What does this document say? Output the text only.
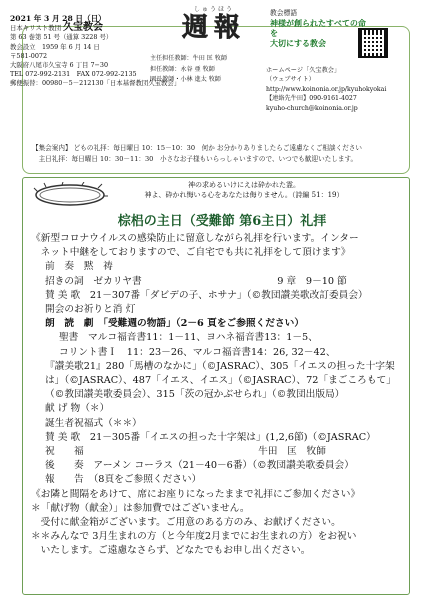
2021 年 3 月 28 日（日）
日本キリスト教団 久宝教会
第 63 巻第 51 号（通算 3228 号）
教会設立　1959 年 6 月 14 日
〒581-0072
大阪府八尾市久宝寺 6 丁目 7−30
TEL 072-992-2131　FAX 072-992-2135
郵便振替：00980－5－212130「日本基督教団久宝教会」
しゅうほう
週報
主任担任教師：牛田 匡 牧師
担任教師：永谷 亜 牧師
園長教師・小林 進太 牧師
教会標語
神様が創られたすべての命を
大切にする教会
ホームページ「久宝教会」
（ウェブサイト）
http://www.koinonia.or.jp/kyuhokyokai
【連絡先牛田】090-9161-4027
kyuho-church@koinonia.or.jp
【集会案内】 どもの礼拝：毎日曜日 10：15－10：30　何か お分かりありましたらご遠慮なくご相談ください
　主日礼拝：毎日曜日 10：30－11：30　小さなお子様もいらっしゃいますので、いつでも歓迎いたします。
神の求めるいけにえは砕かれた霊。
神よ、砕かれ悔いる心をあなたは侮りません。（詩編 51：19）
棕梠の主日（受難節 第6主日）礼拝
《新型コロナウイルスの感染防止に留意しながら礼拝を行います。インター
　ネット中継をしておりますので、ご自宅でも共に礼拝をして頂けます》
前　奏　黙　祷
招きの詞　ゼカリヤ書　　　　　　　　　　　　　　9 章　9－10 節
賛 美 歌　21－307番「ダビデの子、ホサナ」（©教団讃美歌改訂委員会）
開会のお祈りと消 灯
朗　読　劇　「受難週の物語」（2－6 頁をご参照ください）
聖書　マルコ福音書11：1－11、ヨハネ福音書13：1－5、
コリント書Ｉ　11：23－26、マルコ福音書14：26, 32－42、
『讃美歌21』280「馬槽のなかに」（©JASRAC）、305「イエスの担った十字架
は」（©JASRAC）、487「イエス、イエス」（©JASRAC）、72「まごころもて」
（©教団讃美歌委員会）、315「茨の冠かぶせられ」（©教団出版局）
献 げ 物（＊）
誕生者祝福式（＊＊）
賛 美 歌　21－305番「イエスの担った十字架は」(1,2,6節)（©JASRAC）
祝　　福　　　　　　　　　　　　　　　　　　牛田　匡　牧師
後　　奏　アーメン コーラス（21－40－6番）（©教団讃美歌委員会）
報　　告　（8頁をご参照ください）
《お隣と間隔をあけて、席にお座りになったままで礼拝にご参加ください》
＊「献げ物（献金）」は参加費ではございません。
　受付に献金箱がございます。ご用意のある方のみ、お献げください。
＊＊みんなで 3月生まれの方（と今年度2月までにお生まれの方）をお祝い
　いたします。ご遠慮なさらず、どなたでもお申し出ください。
